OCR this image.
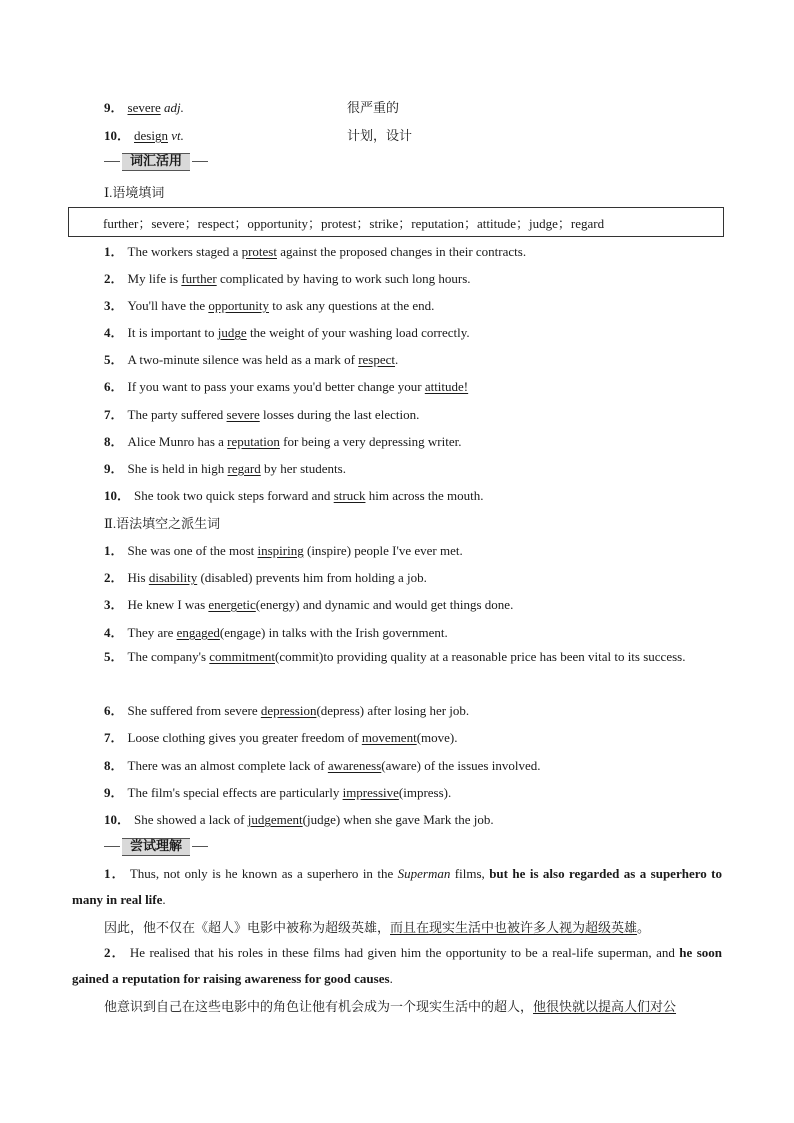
9． severe adj.	很严重的
10． design vt.	计划，设计
词汇活用
Ⅰ.语境填词
further；severe；respect；opportunity；protest；strike；reputation；attitude；judge；regard
1． The workers staged a protest against the proposed changes in their contracts.
2． My life is further complicated by having to work such long hours.
3． You'll have the opportunity to ask any questions at the end.
4． It is important to judge the weight of your washing load correctly.
5． A two-minute silence was held as a mark of respect.
6． If you want to pass your exams you'd better change your attitude!
7． The party suffered severe losses during the last election.
8． Alice Munro has a reputation for being a very depressing writer.
9． She is held in high regard by her students.
10． She took two quick steps forward and struck him across the mouth.
Ⅱ.语法填空之派生词
1． She was one of the most inspiring (inspire) people I've ever met.
2． His disability (disabled) prevents him from holding a job.
3． He knew I was energetic(energy) and dynamic and would get things done.
4． They are engaged(engage) in talks with the Irish government.
5． The company's commitment(commit)to providing quality at a reasonable price has been vital to its success.
6． She suffered from severe depression(depress) after losing her job.
7． Loose clothing gives you greater freedom of movement(move).
8． There was an almost complete lack of awareness(aware) of the issues involved.
9． The film's special effects are particularly impressive(impress).
10． She showed a lack of judgement(judge) when she gave Mark the job.
尝试理解
1． Thus, not only is he known as a superhero in the Superman films, but he is also regarded as a superhero to many in real life.
因此，他不仅在《超人》电影中被称为超级英雄，而且在现实生活中也被许多人视为超级英雄。
2． He realised that his roles in these films had given him the opportunity to be a real-life superman, and he soon gained a reputation for raising awareness for good causes.
他意识到自己在这些电影中的角色让他有机会成为一个现实生活中的超人，他很快就以提高人们对公
